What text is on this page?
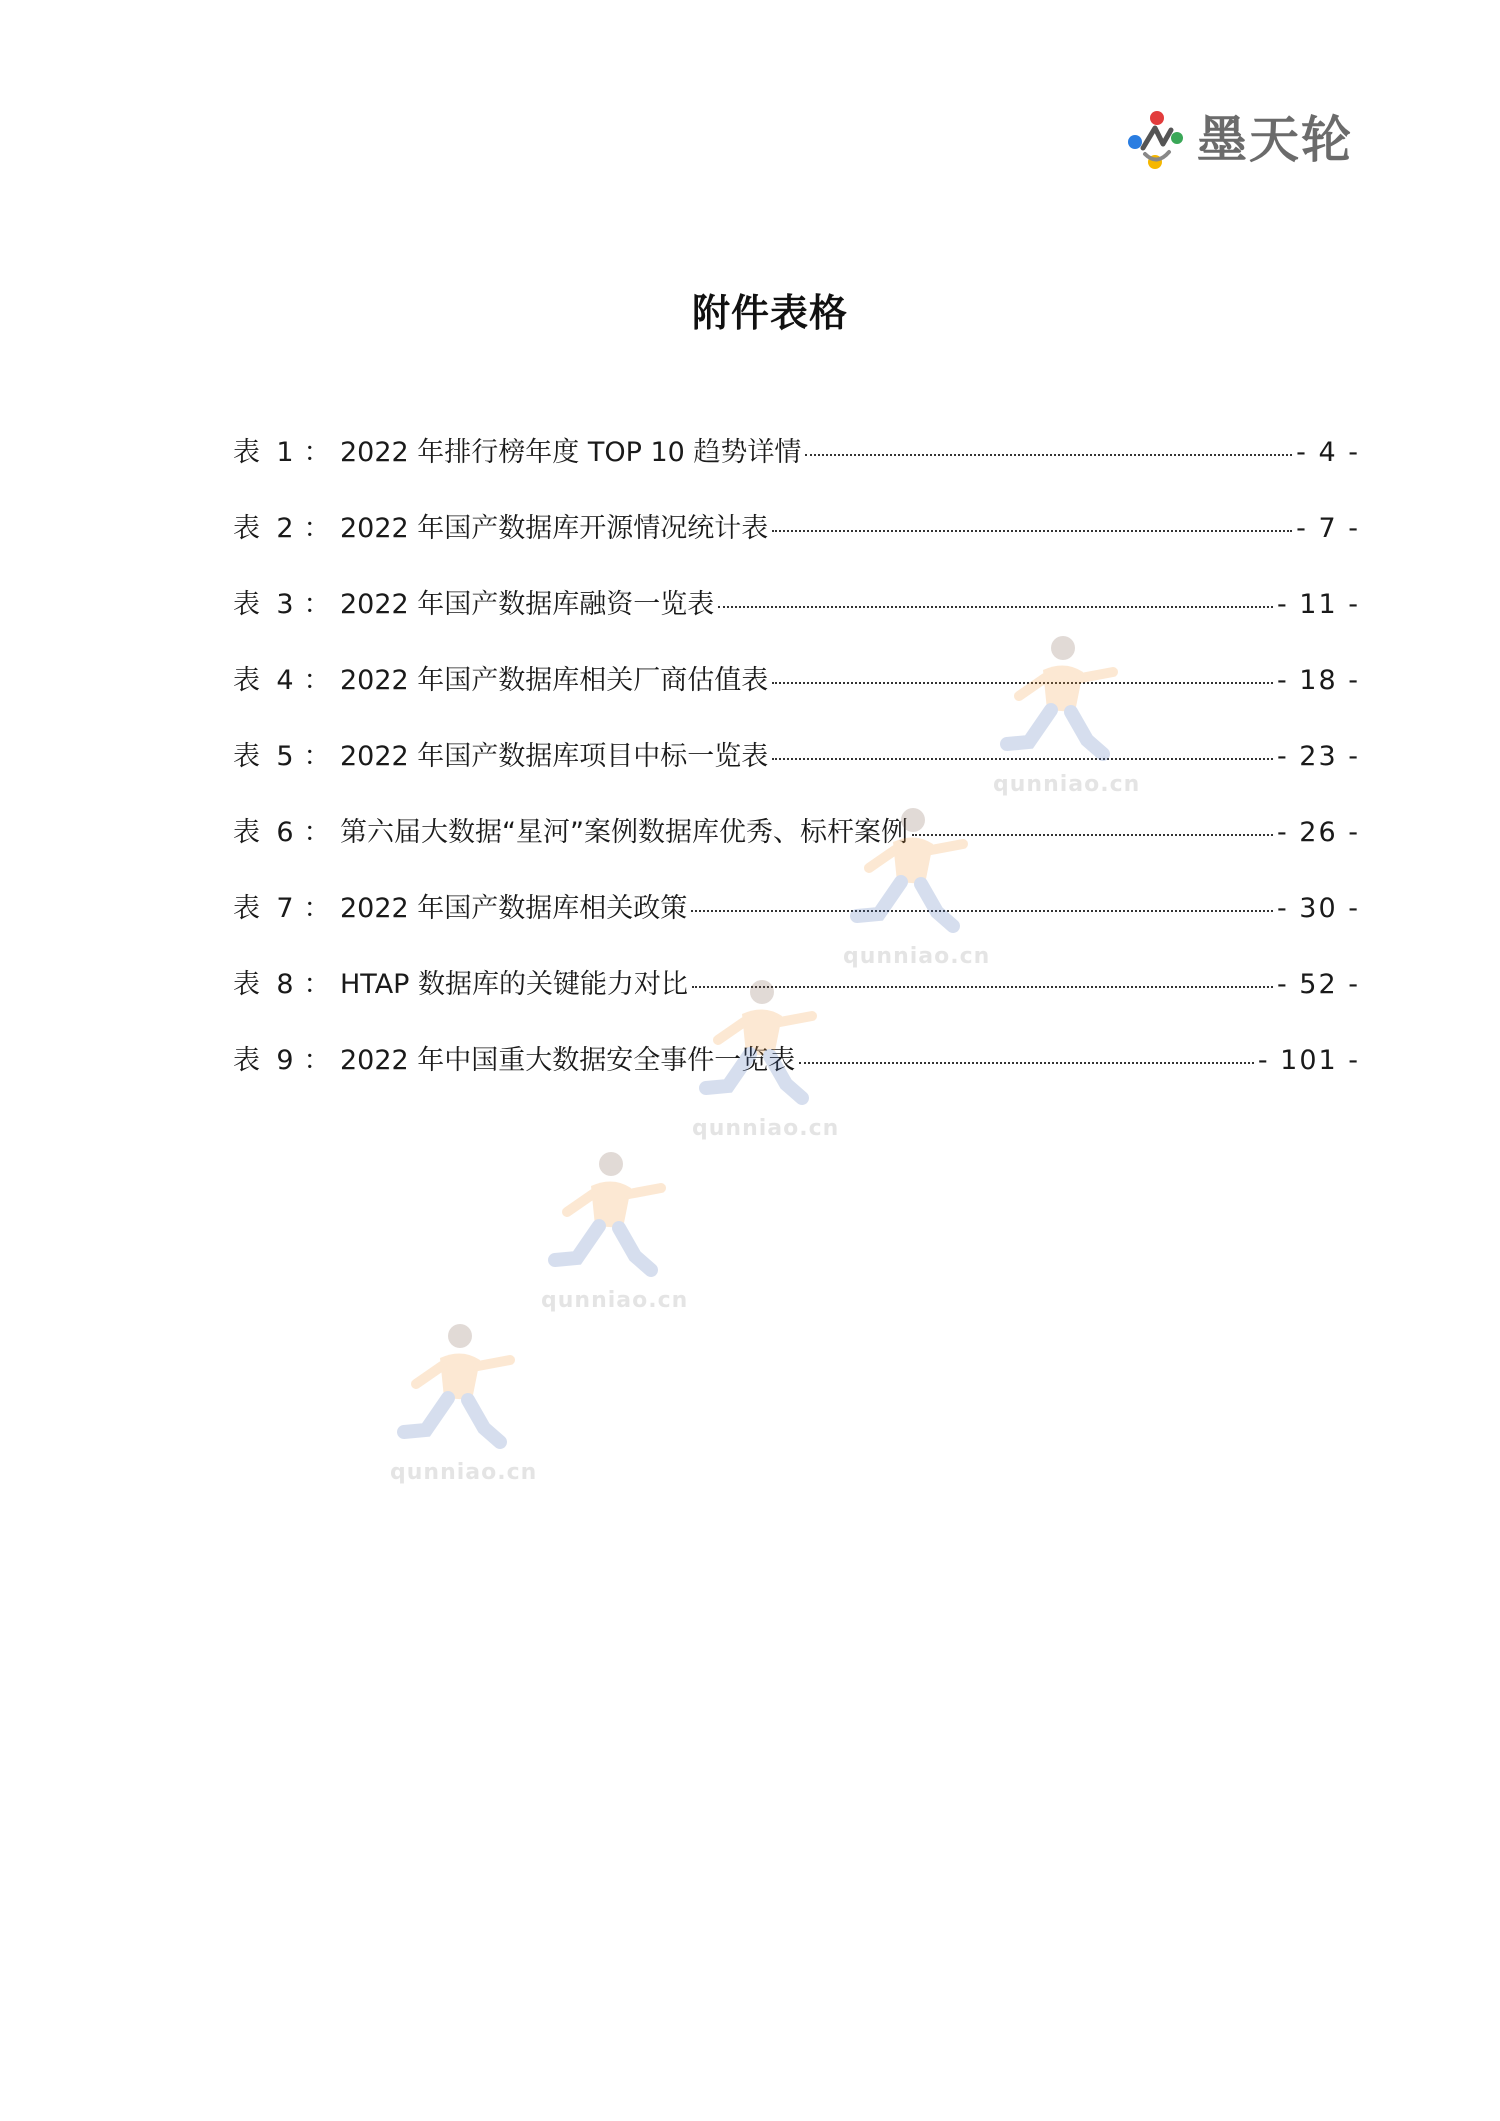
墨天轮
附件表格
表 1 ： 2022 年排行榜年度 TOP 10 趋势详情	- 4 -
表 2 ： 2022 年国产数据库开源情况统计表	- 7 -
表 3 ： 2022 年国产数据库融资一览表	- 11 -
表 4 ： 2022 年国产数据库相关厂商估值表	- 18 -
表 5 ： 2022 年国产数据库项目中标一览表	- 23 -
表 6 ： 第六届大数据“星河”案例数据库优秀、标杆案例	- 26 -
表 7 ： 2022 年国产数据库相关政策	- 30 -
表 8 ： HTAP 数据库的关键能力对比	- 52 -
表 9 ： 2022 年中国重大数据安全事件一览表	- 101 -
qunniao.cn
qunniao.cn
qunniao.cn
qunniao.cn
qunniao.cn
